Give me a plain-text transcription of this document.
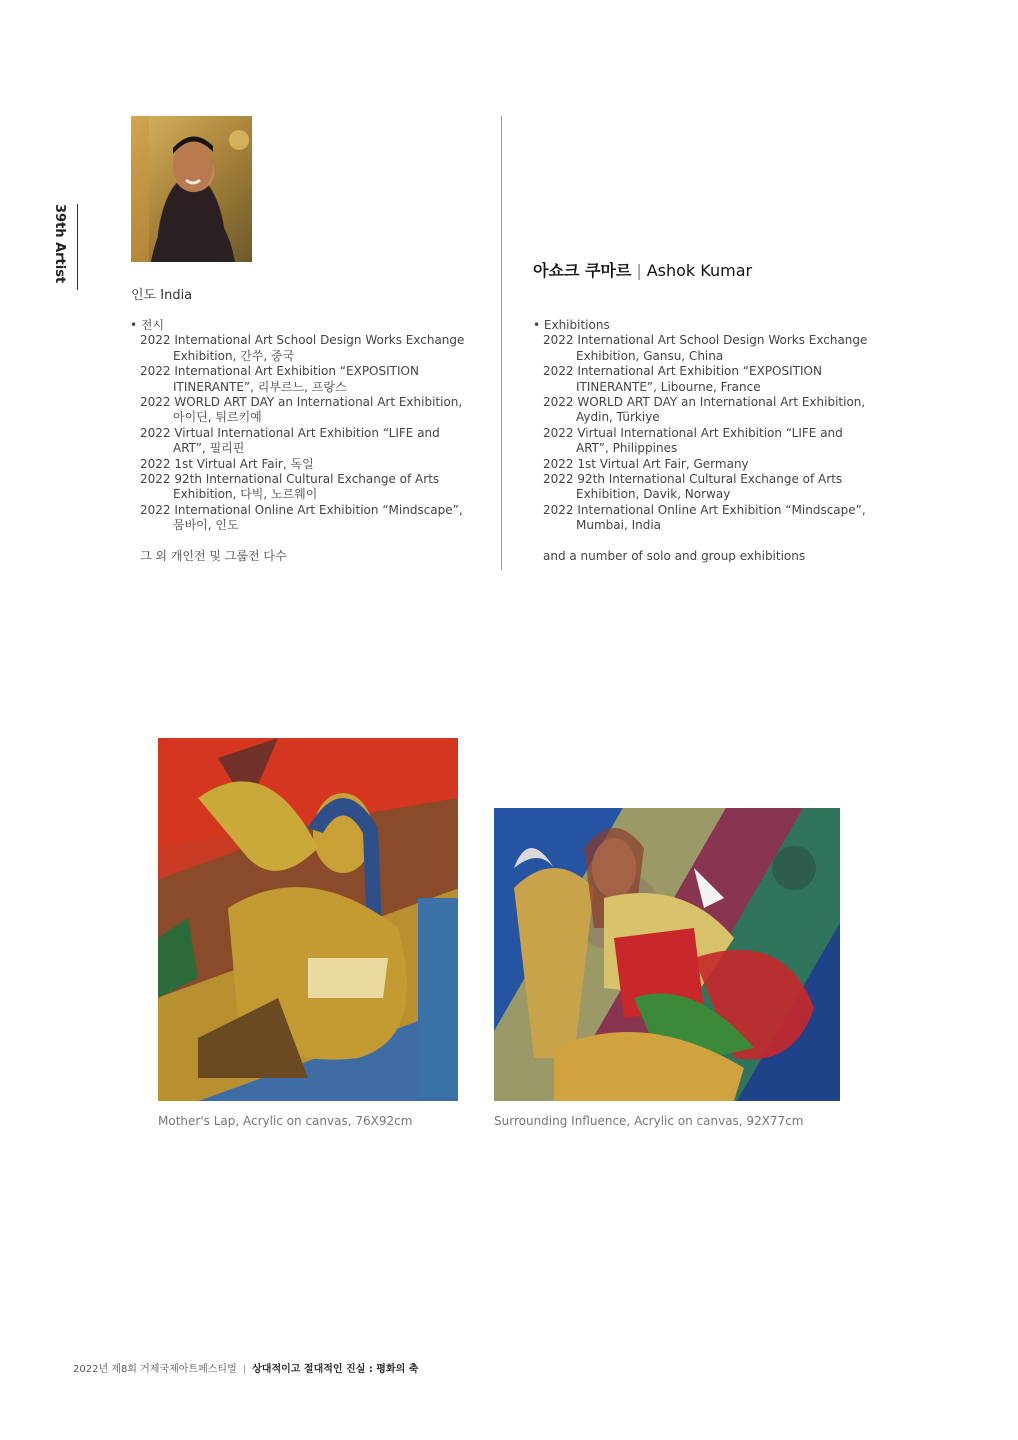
39th Artist
인도 India
아쇼크 쿠마르 | Ashok Kumar
• 전시
2022 International Art School Design Works Exchange Exhibition, 간쑤, 중국
2022 International Art Exhibition “EXPOSITION ITINERANTE”, 리부르느, 프랑스
2022 WORLD ART DAY an International Art Exhibition, 아이딘, 튀르키예
2022 Virtual International Art Exhibition “LIFE and ART”, 필리핀
2022 1st Virtual Art Fair, 독일
2022 92th International Cultural Exchange of Arts Exhibition, 다빅, 노르웨이
2022 International Online Art Exhibition “Mindscape”, 뭄바이, 인도
그 외 개인전 및 그룹전 다수
• Exhibitions
2022 International Art School Design Works Exchange Exhibition, Gansu, China
2022 International Art Exhibition “EXPOSITION ITINERANTE”, Libourne, France
2022 WORLD ART DAY an International Art Exhibition, Aydin, Türkiye
2022 Virtual International Art Exhibition “LIFE and ART”, Philippines
2022 1st Virtual Art Fair, Germany
2022 92th International Cultural Exchange of Arts Exhibition, Davik, Norway
2022 International Online Art Exhibition “Mindscape”, Mumbai, India
and a number of solo and group exhibitions
Mother's Lap, Acrylic on canvas, 76X92cm	Surrounding Influence, Acrylic on canvas, 92X77cm
2022년 제8회 거제국제아트페스티벌 | 상대적이고 절대적인 진실 : 평화의 축
